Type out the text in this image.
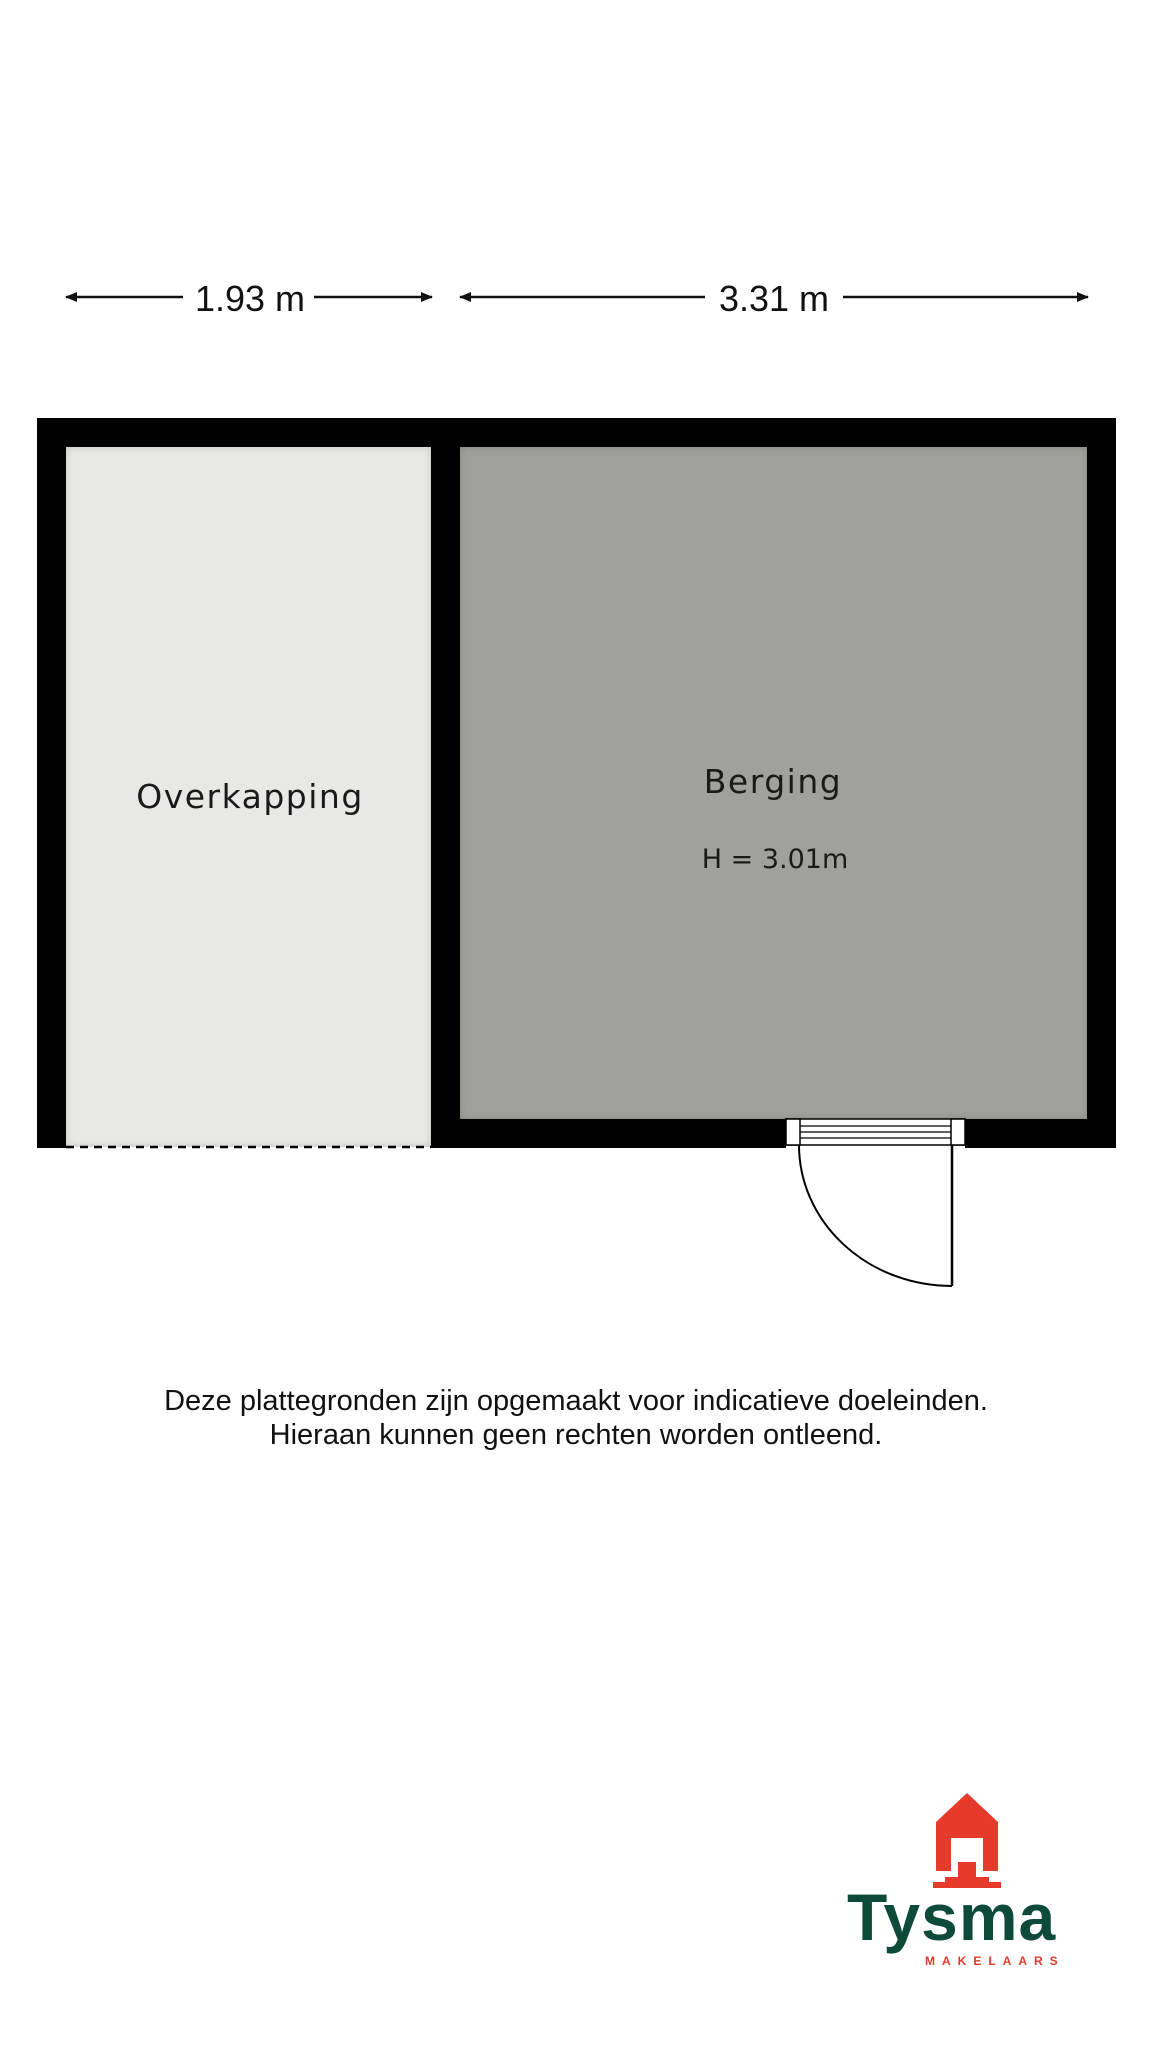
1.93 m	3.31 m
Overkapping	Berging
H = 3.01m
Deze plattegronden zijn opgemaakt voor indicatieve doeleinden.
Hieraan kunnen geen rechten worden ontleend.
Tysma
MAKELAARS
